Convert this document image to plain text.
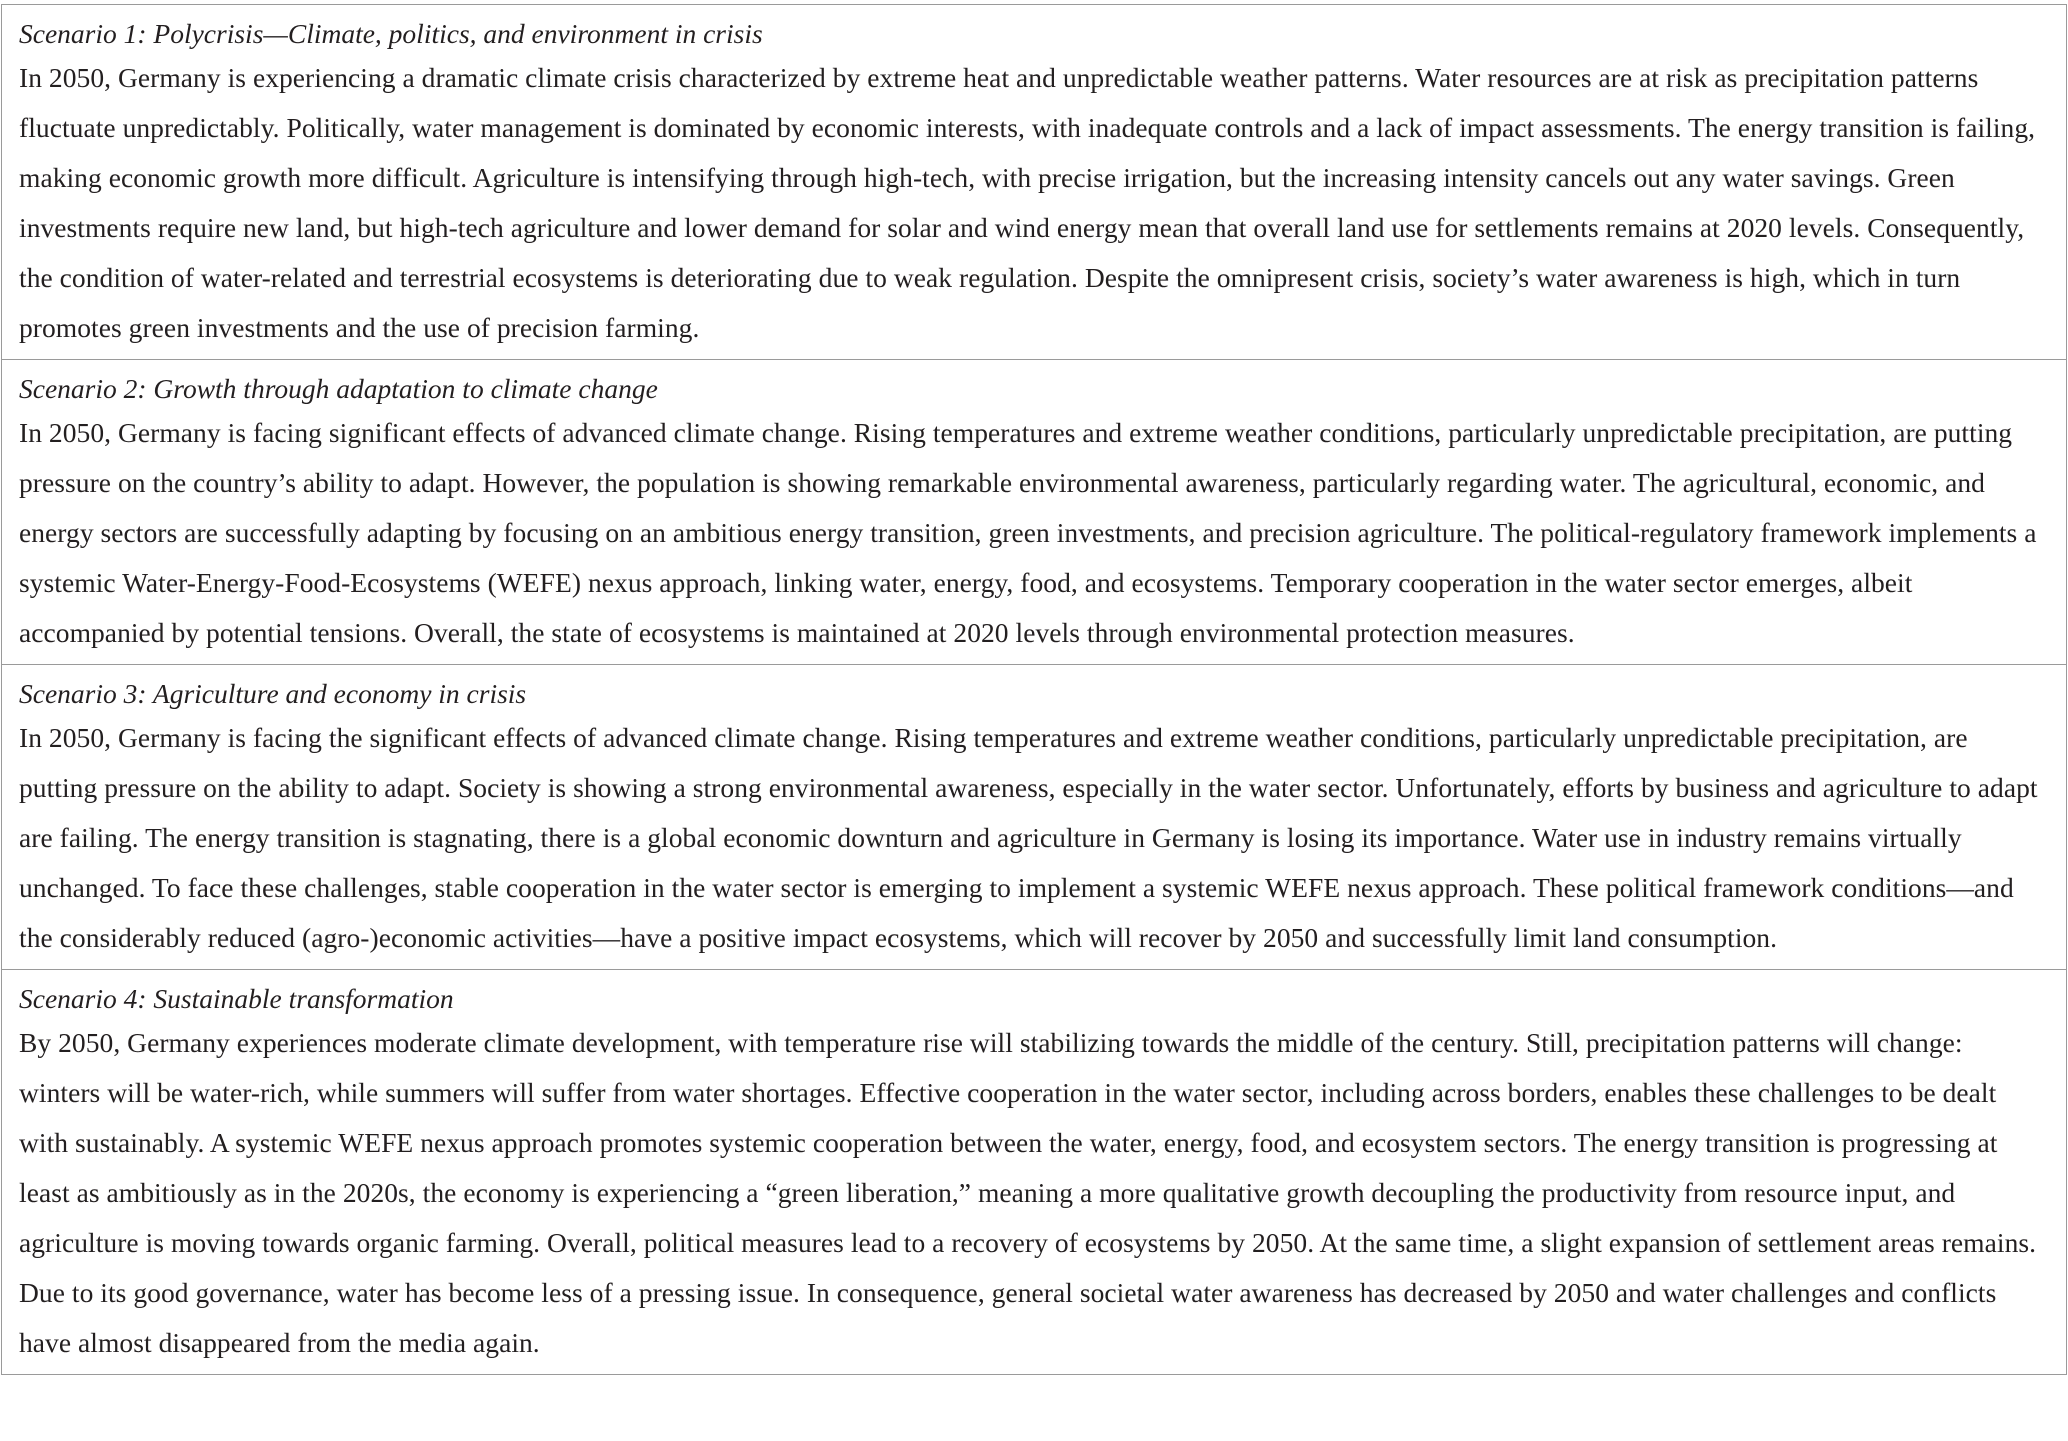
Scenario 1: Polycrisis—Climate, politics, and environment in crisis

In 2050, Germany is experiencing a dramatic climate crisis characterized by extreme heat and unpredictable weather patterns. Water resources are at risk as precipitation patterns fluctuate unpredictably. Politically, water management is dominated by economic interests, with inadequate controls and a lack of impact assessments. The energy transition is failing, making economic growth more difficult. Agriculture is intensifying through high-tech, with precise irrigation, but the increasing intensity cancels out any water savings. Green investments require new land, but high-tech agriculture and lower demand for solar and wind energy mean that overall land use for settlements remains at 2020 levels. Consequently, the condition of water-related and terrestrial ecosystems is deteriorating due to weak regulation. Despite the omnipresent crisis, society’s water awareness is high, which in turn promotes green investments and the use of precision farming.

Scenario 2: Growth through adaptation to climate change

In 2050, Germany is facing significant effects of advanced climate change. Rising temperatures and extreme weather conditions, particularly unpredictable precipitation, are putting pressure on the country’s ability to adapt. However, the population is showing remarkable environmental awareness, particularly regarding water. The agricultural, economic, and energy sectors are successfully adapting by focusing on an ambitious energy transition, green investments, and precision agriculture. The political-regulatory framework implements a systemic Water-Energy-Food-Ecosystems (WEFE) nexus approach, linking water, energy, food, and ecosystems. Temporary cooperation in the water sector emerges, albeit accompanied by potential tensions. Overall, the state of ecosystems is maintained at 2020 levels through environmental protection measures.

Scenario 3: Agriculture and economy in crisis

In 2050, Germany is facing the significant effects of advanced climate change. Rising temperatures and extreme weather conditions, particularly unpredictable precipitation, are putting pressure on the ability to adapt. Society is showing a strong environmental awareness, especially in the water sector. Unfortunately, efforts by business and agriculture to adapt are failing. The energy transition is stagnating, there is a global economic downturn and agriculture in Germany is losing its importance. Water use in industry remains virtually unchanged. To face these challenges, stable cooperation in the water sector is emerging to implement a systemic WEFE nexus approach. These political framework conditions—and the considerably reduced (agro-)economic activities—have a positive impact ecosystems, which will recover by 2050 and successfully limit land consumption.

Scenario 4: Sustainable transformation

By 2050, Germany experiences moderate climate development, with temperature rise will stabilizing towards the middle of the century. Still, precipitation patterns will change: winters will be water-rich, while summers will suffer from water shortages. Effective cooperation in the water sector, including across borders, enables these challenges to be dealt with sustainably. A systemic WEFE nexus approach promotes systemic cooperation between the water, energy, food, and ecosystem sectors. The energy transition is progressing at least as ambitiously as in the 2020s, the economy is experiencing a “green liberation,” meaning a more qualitative growth decoupling the productivity from resource input, and agriculture is moving towards organic farming. Overall, political measures lead to a recovery of ecosystems by 2050. At the same time, a slight expansion of settlement areas remains. Due to its good governance, water has become less of a pressing issue. In consequence, general societal water awareness has decreased by 2050 and water challenges and conflicts have almost disappeared from the media again.
